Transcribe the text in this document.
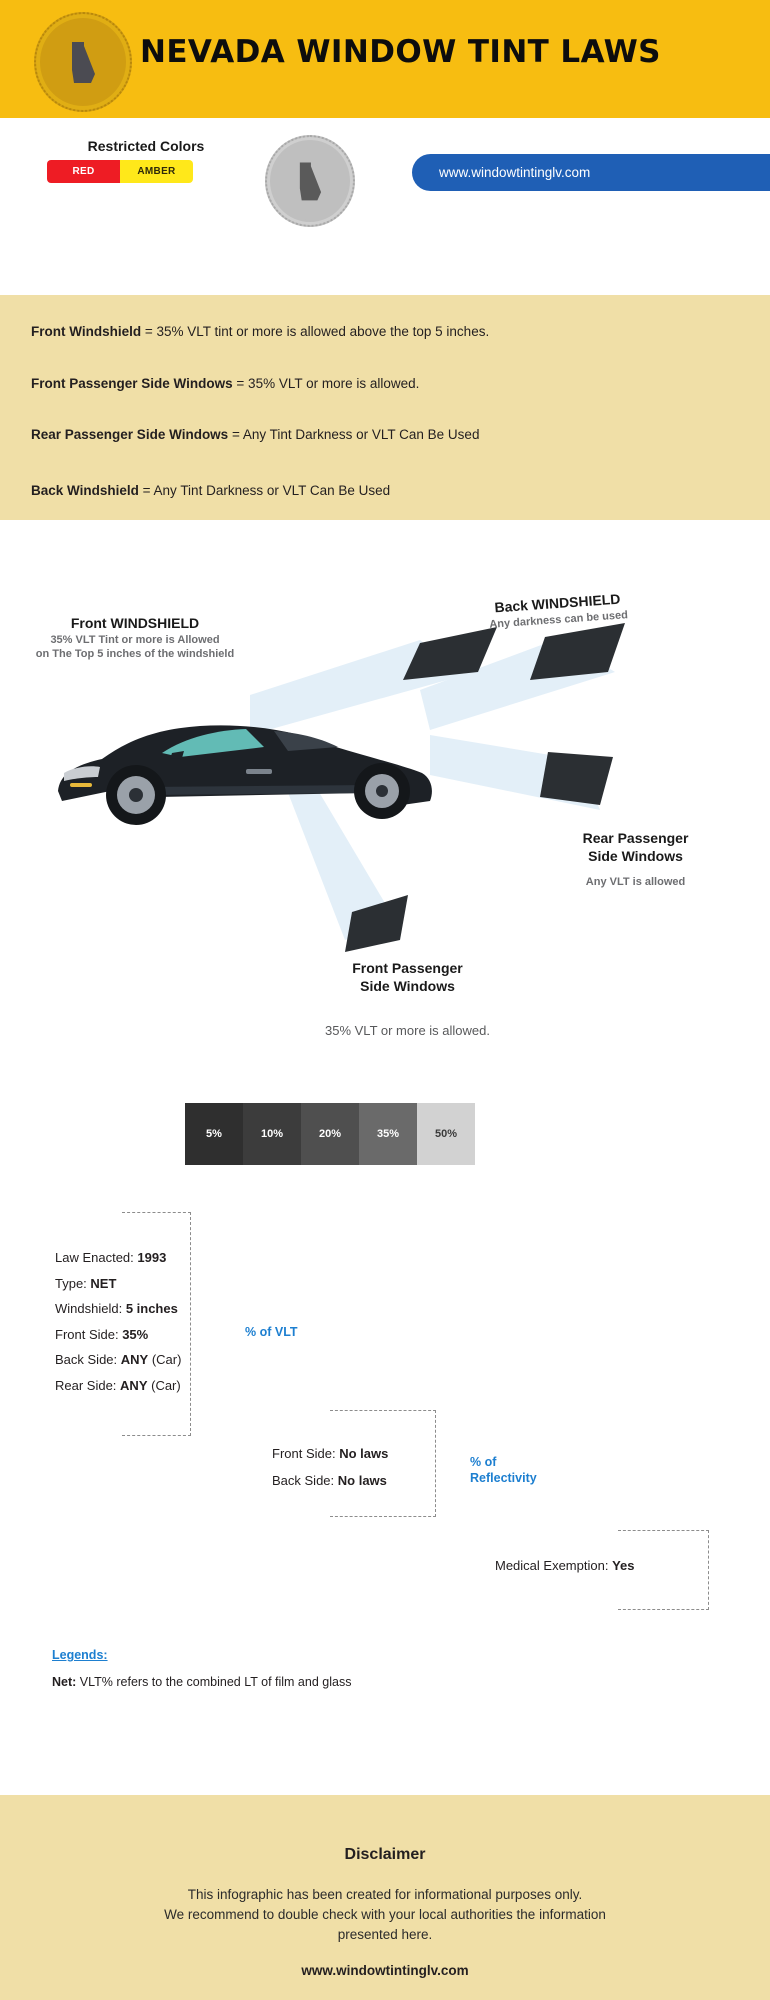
NEVADA WINDOW TINT LAWS
Restricted Colors
RED	AMBER	www.windowtintinglv.com
Front Windshield = 35% VLT tint or more is allowed above the top 5 inches.
Front Passenger Side Windows = 35% VLT or more is allowed.
Rear Passenger Side Windows = Any Tint Darkness or VLT Can Be Used
Back Windshield = Any Tint Darkness or VLT Can Be Used
Front WINDSHIELD
35% VLT Tint or more is Allowed
on The Top 5 inches of the windshield
Back WINDSHIELD
Any darkness can be used
Rear Passenger
Side Windows
Any VLT is allowed
Front Passenger
Side Windows
35% VLT or more is allowed.
5%	10%	20%	35%	50%
Law Enacted: 1993
Type: NET
Windshield: 5 inches
Front Side: 35%
Back Side: ANY (Car)
Rear Side: ANY (Car)
% of VLT
Front Side: No laws
Back Side: No laws
% of
Reflectivity
Medical Exemption: Yes
Legends:
Net: VLT% refers to the combined LT of film and glass
Disclaimer
This infographic has been created for informational purposes only.
We recommend to double check with your local authorities the information
presented here.
www.windowtintinglv.com
